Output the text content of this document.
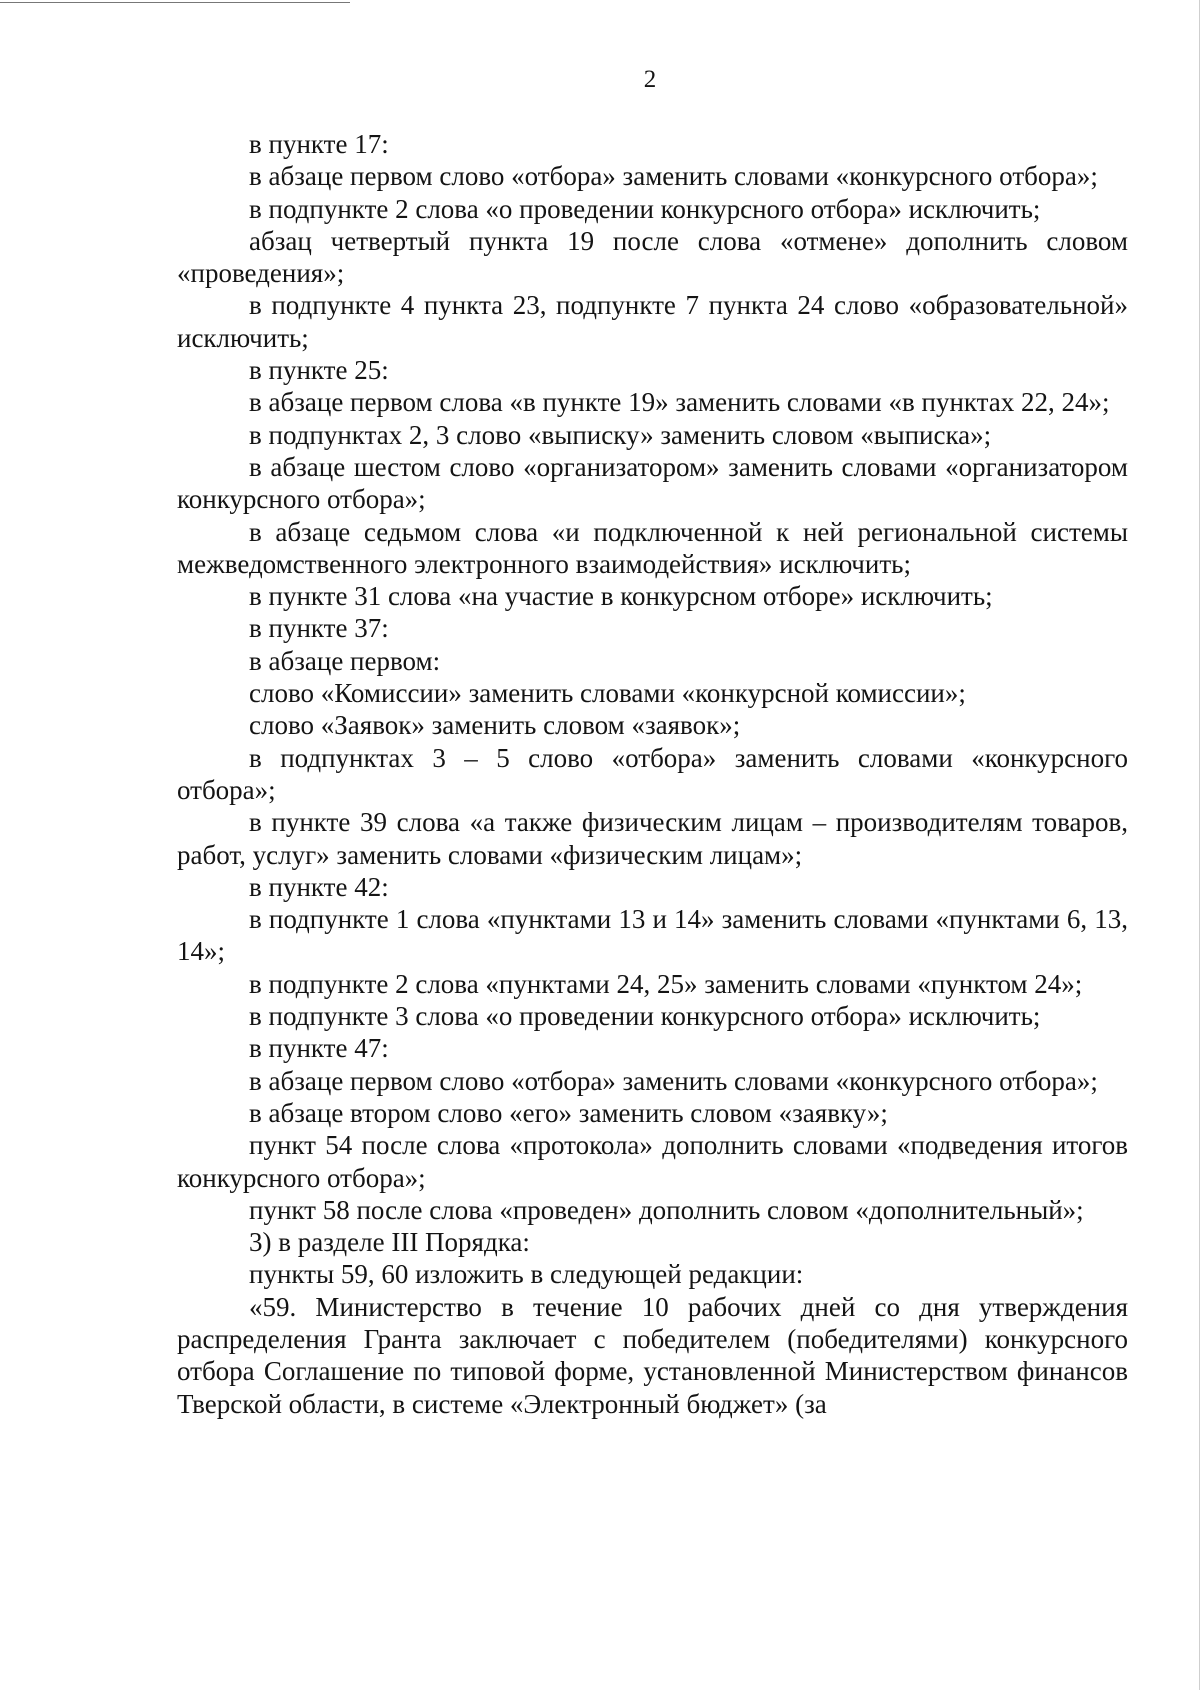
2

в пункте 17:

в абзаце первом слово «отбора» заменить словами «конкурсного отбора»;

в подпункте 2 слова «о проведении конкурсного отбора» исключить;

абзац четвертый пункта 19 после слова «отмене» дополнить словом «проведения»;

в подпункте 4 пункта 23, подпункте 7 пункта 24 слово «образовательной» исключить;

в пункте 25:

в абзаце первом слова «в пункте 19» заменить словами «в пунктах 22, 24»;

в подпунктах 2, 3 слово «выписку» заменить словом «выписка»;

в абзаце шестом слово «организатором» заменить словами «организатором конкурсного отбора»;

в абзаце седьмом слова «и подключенной к ней региональной системы межведомственного электронного взаимодействия» исключить;

в пункте 31 слова «на участие в конкурсном отборе» исключить;

в пункте 37:

в абзаце первом:

слово «Комиссии» заменить словами «конкурсной комиссии»;

слово «Заявок» заменить словом «заявок»;

в подпунктах 3 – 5 слово «отбора» заменить словами «конкурсного отбора»;

в пункте 39 слова «а также физическим лицам – производителям товаров, работ, услуг» заменить словами «физическим лицам»;

в пункте 42:

в подпункте 1 слова «пунктами 13 и 14» заменить словами «пунктами 6, 13, 14»;

в подпункте 2 слова «пунктами 24, 25» заменить словами «пунктом 24»;

в подпункте 3 слова «о проведении конкурсного отбора» исключить;

в пункте 47:

в абзаце первом слово «отбора» заменить словами «конкурсного отбора»;

в абзаце втором слово «его» заменить словом «заявку»;

пункт 54 после слова «протокола» дополнить словами «подведения итогов конкурсного отбора»;

пункт 58 после слова «проведен» дополнить словом «дополнительный»;

3) в разделе III Порядка:

пункты 59, 60 изложить в следующей редакции:

«59. Министерство в течение 10 рабочих дней со дня утверждения распределения Гранта заключает с победителем (победителями) конкурсного отбора Соглашение по типовой форме, установленной Министерством финансов Тверской области, в системе «Электронный бюджет» (за
